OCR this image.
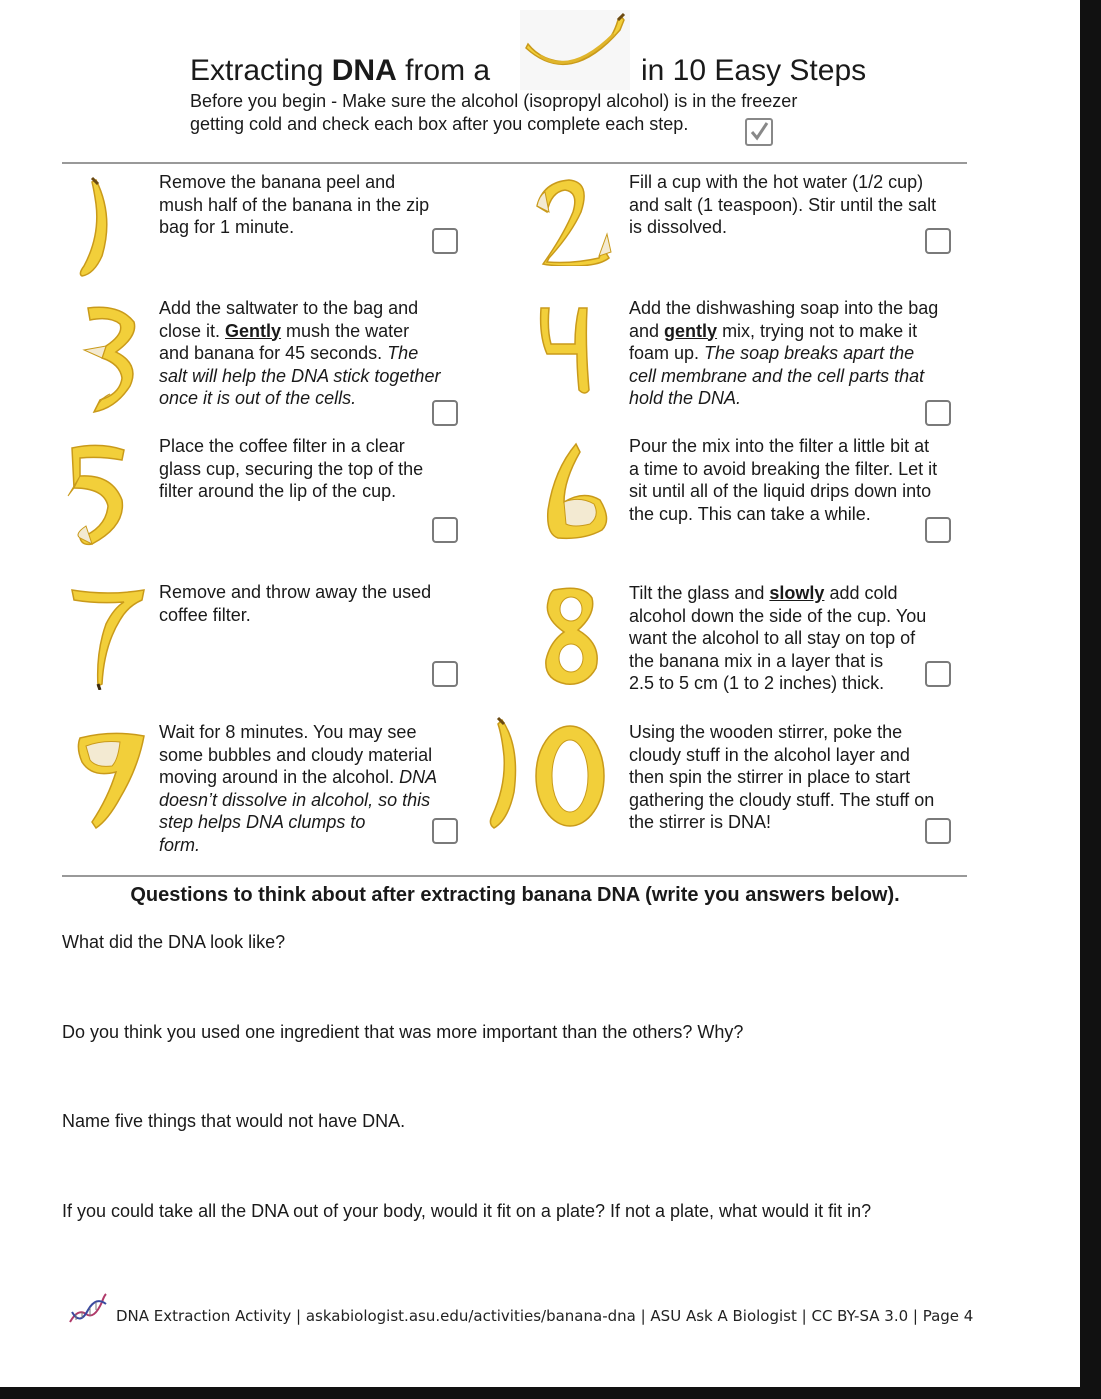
Extracting DNA from a	in 10 Easy Steps
Before you begin - Make sure the alcohol (isopropyl alcohol) is in the freezer
getting cold and check each box after you complete each step.
Remove the banana peel and
mush half of the banana in the zip
bag for 1 minute.
Fill a cup with the hot water (1/2 cup)
and salt (1 teaspoon). Stir until the salt
is dissolved.
Add the saltwater to the bag and
close it. Gently mush the water
and banana for 45 seconds. The
salt will help the DNA stick together
once it is out of the cells.
Add the dishwashing soap into the bag
and gently mix, trying not to make it
foam up. The soap breaks apart the
cell membrane and the cell parts that
hold the DNA.
Place the coffee filter in a clear
glass cup, securing the top of the
filter around the lip of the cup.
Pour the mix into the filter a little bit at
a time to avoid breaking the filter. Let it
sit until all of the liquid drips down into
the cup. This can take a while.
Remove and throw away the used
coffee filter.
Tilt the glass and slowly add cold
alcohol down the side of the cup. You
want the alcohol to all stay on top of
the banana mix in a layer that is
2.5 to 5 cm (1 to 2 inches) thick.
Wait for 8 minutes. You may see
some bubbles and cloudy material
moving around in the alcohol. DNA
doesn’t dissolve in alcohol, so this
step helps DNA clumps to
form.
Using the wooden stirrer, poke the
cloudy stuff in the alcohol layer and
then spin the stirrer in place to start
gathering the cloudy stuff. The stuff on
the stirrer is DNA!
Questions to think about after extracting banana DNA (write you answers below).
What did the DNA look like?
Do you think you used one ingredient that was more important than the others? Why?
Name five things that would not have DNA.
If you could take all the DNA out of your body, would it fit on a plate? If not a plate, what would it fit in?
DNA Extraction Activity | askabiologist.asu.edu/activities/banana-dna | ASU Ask A Biologist | CC BY-SA 3.0 | Page 4
